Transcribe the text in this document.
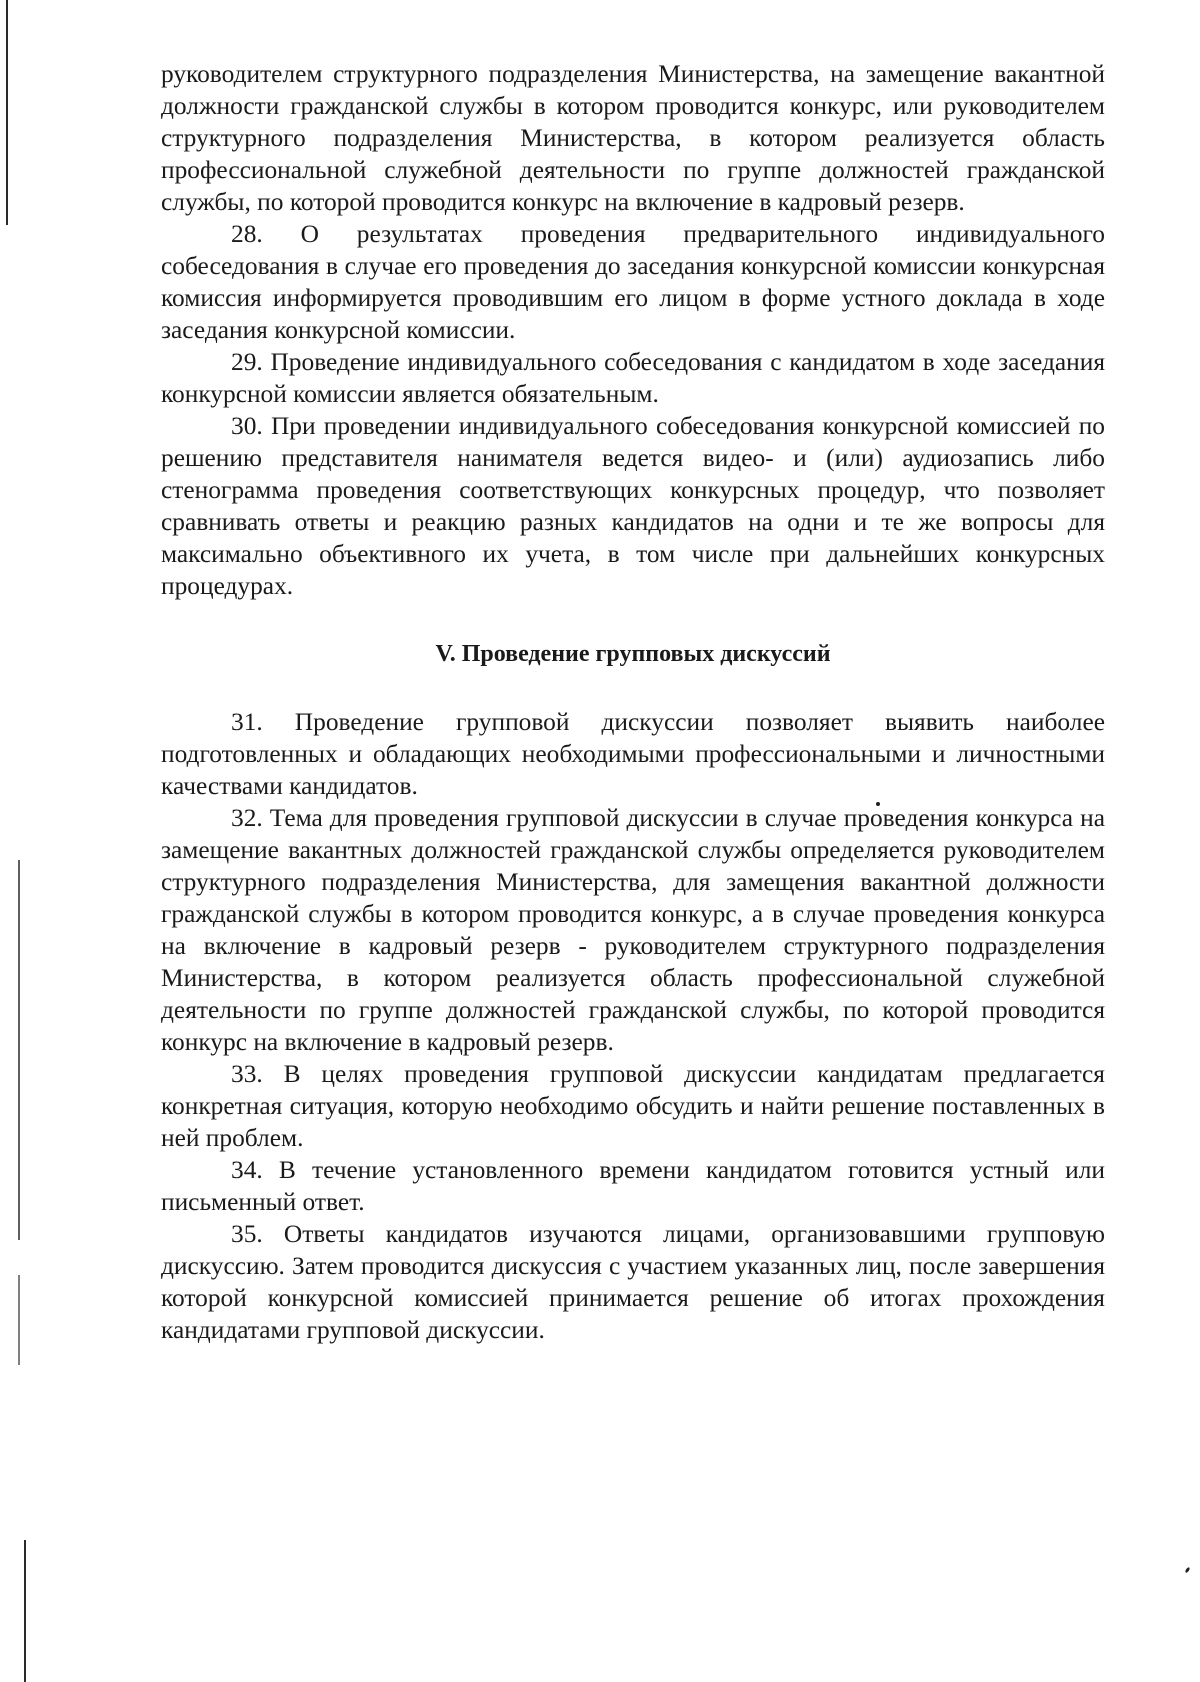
руководителем структурного подразделения Министерства, на замещение вакантной должности гражданской службы в котором проводится конкурс, или руководителем структурного подразделения Министерства, в котором реализуется область профессиональной служебной деятельности по группе должностей гражданской службы, по которой проводится конкурс на включение в кадровый резерв.

28. О результатах проведения предварительного индивидуального собеседования в случае его проведения до заседания конкурсной комиссии конкурсная комиссия информируется проводившим его лицом в форме устного доклада в ходе заседания конкурсной комиссии.

29. Проведение индивидуального собеседования с кандидатом в ходе заседания конкурсной комиссии является обязательным.

30. При проведении индивидуального собеседования конкурсной комиссией по решению представителя нанимателя ведется видео- и (или) аудиозапись либо стенограмма проведения соответствующих конкурсных процедур, что позволяет сравнивать ответы и реакцию разных кандидатов на одни и те же вопросы для максимально объективного их учета, в том числе при дальнейших конкурсных процедурах.

V. Проведение групповых дискуссий

31. Проведение групповой дискуссии позволяет выявить наиболее подготовленных и обладающих необходимыми профессиональными и личностными качествами кандидатов.

32. Тема для проведения групповой дискуссии в случае проведения конкурса на замещение вакантных должностей гражданской службы определяется руководителем структурного подразделения Министерства, для замещения вакантной должности гражданской службы в котором проводится конкурс, а в случае проведения конкурса на включение в кадровый резерв - руководителем структурного подразделения Министерства, в котором реализуется область профессиональной служебной деятельности по группе должностей гражданской службы, по которой проводится конкурс на включение в кадровый резерв.

33. В целях проведения групповой дискуссии кандидатам предлагается конкретная ситуация, которую необходимо обсудить и найти решение поставленных в ней проблем.

34. В течение установленного времени кандидатом готовится устный или письменный ответ.

35. Ответы кандидатов изучаются лицами, организовавшими групповую дискуссию. Затем проводится дискуссия с участием указанных лиц, после завершения которой конкурсной комиссией принимается решение об итогах прохождения кандидатами групповой дискуссии.
